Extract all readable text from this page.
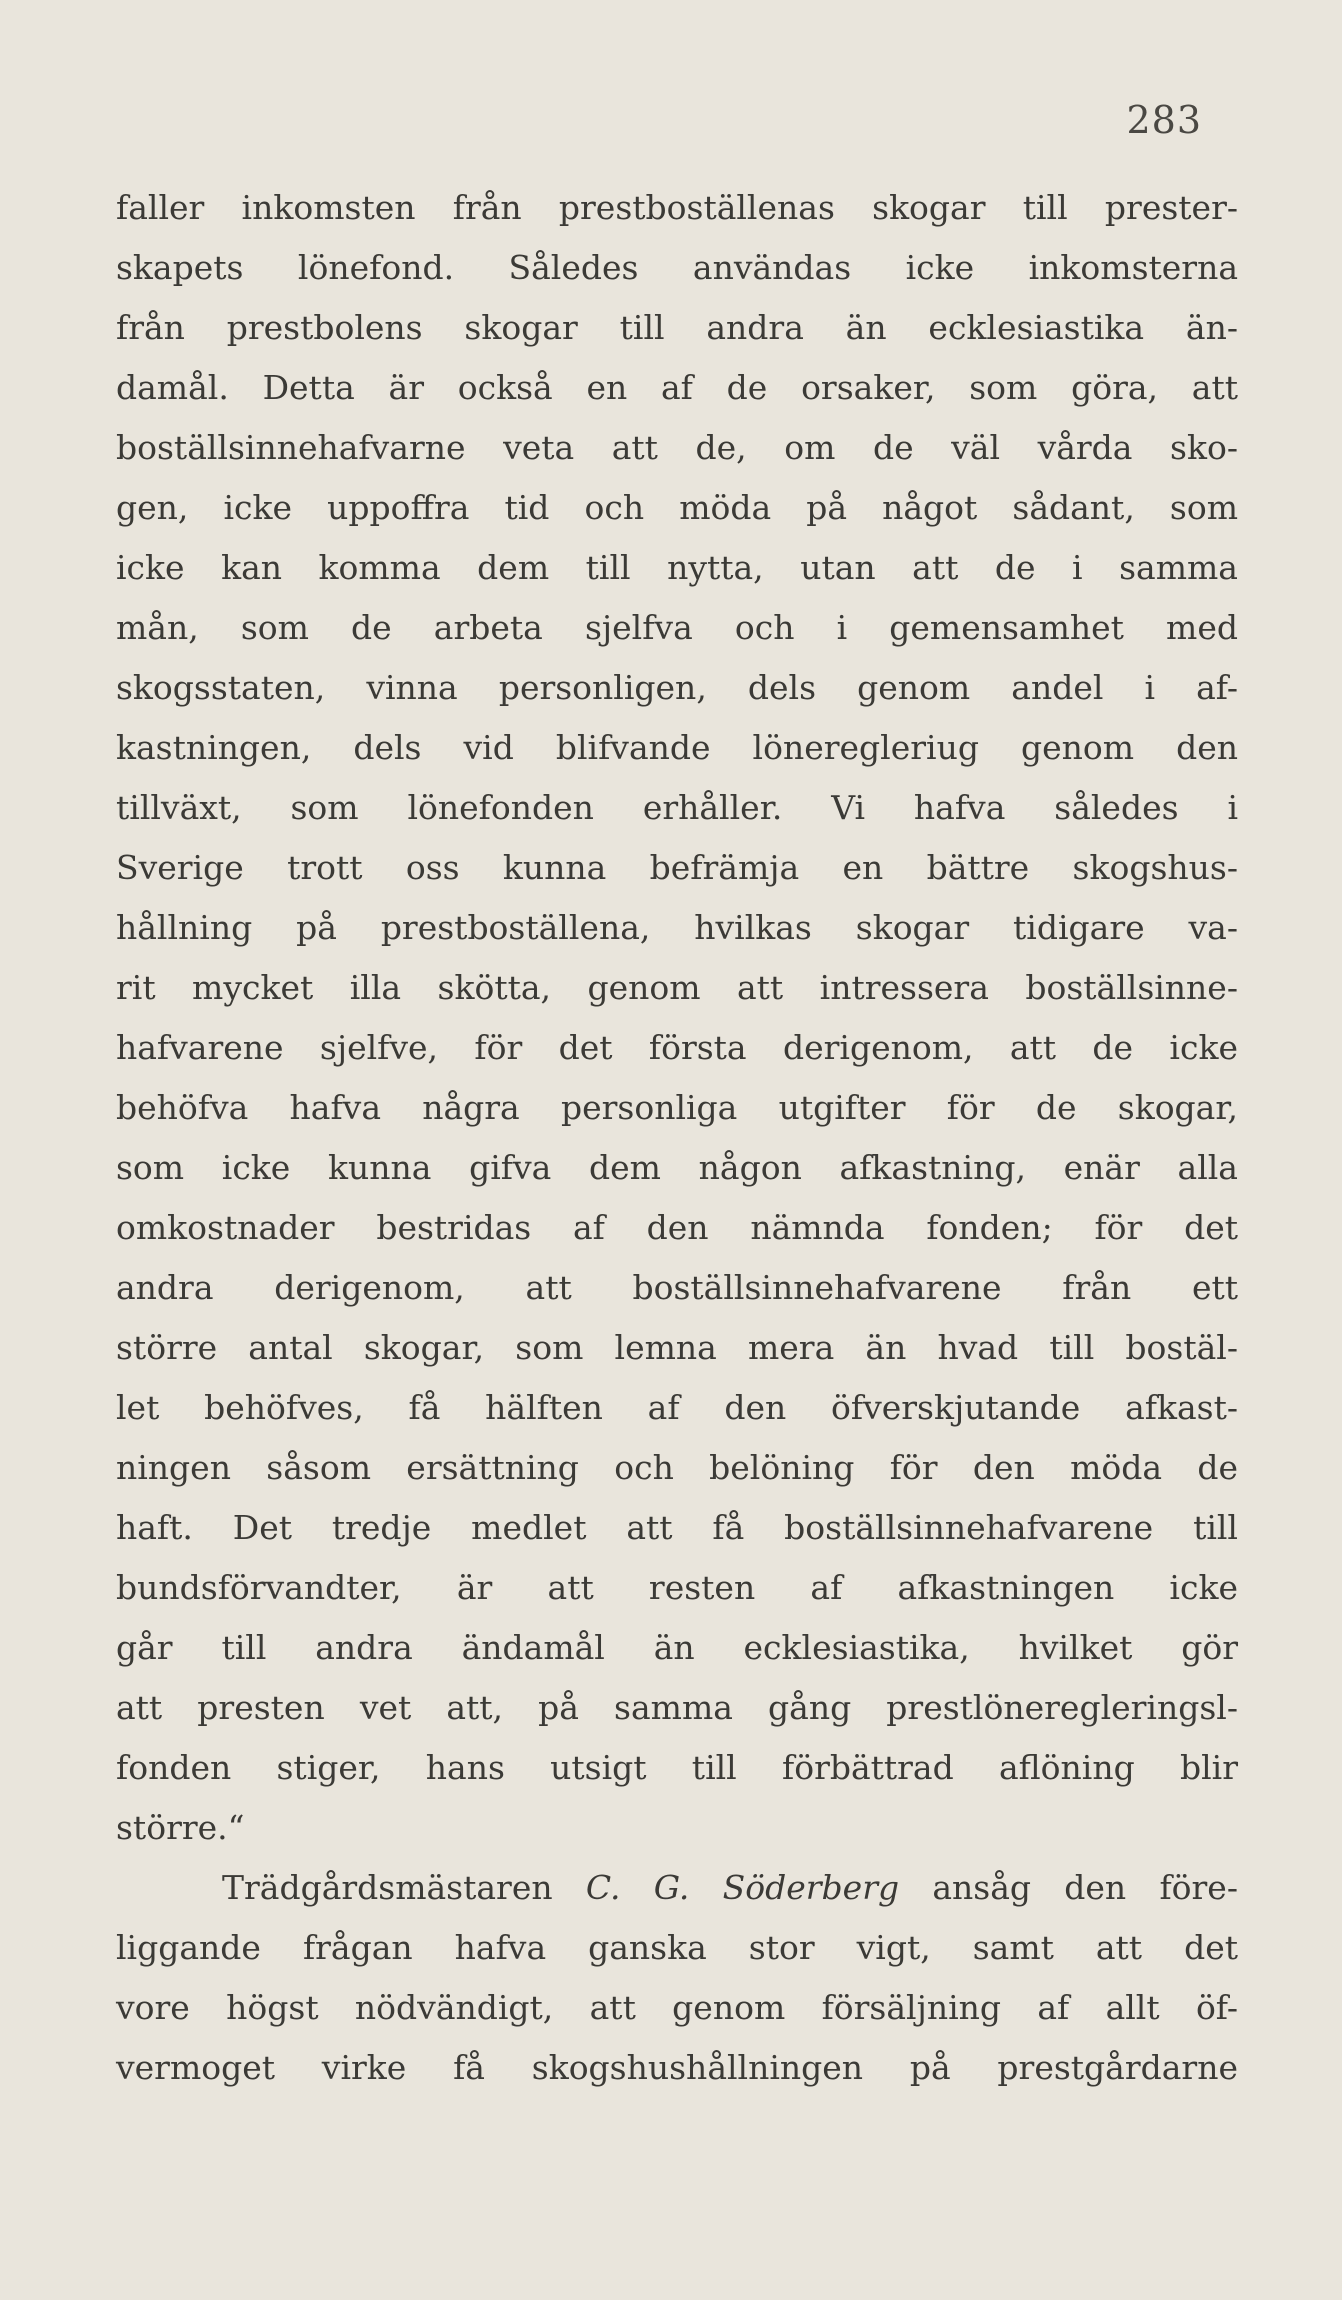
283
faller inkomsten från prestboställenas skogar till prester-
skapets lönefond. Således användas icke inkomsterna
från prestbolens skogar till andra än ecklesiastika än-
damål. Detta är också en af de orsaker, som göra, att
boställsinnehafvarne veta att de, om de väl vårda sko-
gen, icke uppoffra tid och möda på något sådant, som
icke kan komma dem till nytta, utan att de i samma
mån, som de arbeta sjelfva och i gemensamhet med
skogsstaten, vinna personligen, dels genom andel i af-
kastningen, dels vid blifvande löneregleriug genom den
tillväxt, som lönefonden erhåller. Vi hafva således i
Sverige trott oss kunna befrämja en bättre skogshus-
hållning på prestboställena, hvilkas skogar tidigare va-
rit mycket illa skötta, genom att intressera boställsinne-
hafvarene sjelfve, för det första derigenom, att de icke
behöfva hafva några personliga utgifter för de skogar,
som icke kunna gifva dem någon afkastning, enär alla
omkostnader bestridas af den nämnda fonden; för det
andra derigenom, att boställsinnehafvarene från ett
större antal skogar, som lemna mera än hvad till bostäl-
let behöfves, få hälften af den öfverskjutande afkast-
ningen såsom ersättning och belöning för den möda de
haft. Det tredje medlet att få boställsinnehafvarene till
bundsförvandter, är att resten af afkastningen icke
går till andra ändamål än ecklesiastika, hvilket gör
att presten vet att, på samma gång prestlöneregleringsl-
fonden stiger, hans utsigt till förbättrad aflöning blir
större.“
Trädgårdsmästaren C. G. Söderberg ansåg den före-
liggande frågan hafva ganska stor vigt, samt att det
vore högst nödvändigt, att genom försäljning af allt öf-
vermoget virke få skogshushållningen på prestgårdarne
